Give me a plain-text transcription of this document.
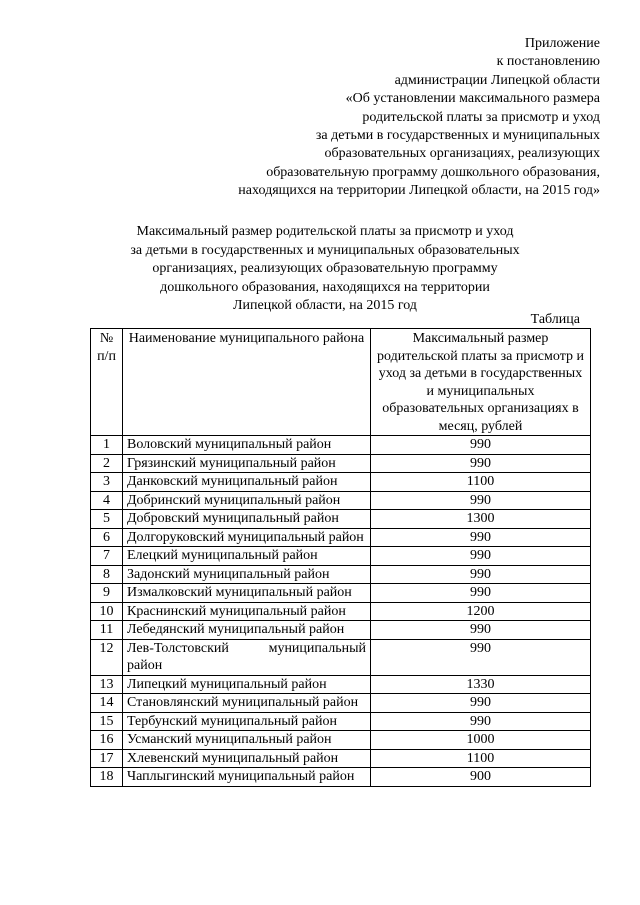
Приложение
к постановлению
администрации Липецкой области
«Об установлении максимального размера
родительской платы за присмотр и уход
за детьми в государственных и муниципальных
образовательных организациях, реализующих
образовательную программу дошкольного образования,
находящихся на территории Липецкой области, на 2015 год»
Максимальный размер родительской платы за присмотр и уход
за детьми в государственных и муниципальных образовательных
организациях, реализующих образовательную программу
дошкольного образования, находящихся на территории
Липецкой области, на 2015 год
Таблица
№ п/п	Наименование муниципального района	Максимальный размер родительской платы за присмотр и уход за детьми в государственных и муниципальных образовательных организациях в месяц, рублей
1	Воловский муниципальный район	990
2	Грязинский муниципальный район	990
3	Данковский муниципальный район	1100
4	Добринский муниципальный район	990
5	Добровский муниципальный район	1300
6	Долгоруковский муниципальный район	990
7	Елецкий муниципальный район	990
8	Задонский муниципальный район	990
9	Измалковский муниципальный район	990
10	Краснинский муниципальный район	1200
11	Лебедянский муниципальный район	990
12	Лев-Толстовский муниципальный район	990
13	Липецкий муниципальный район	1330
14	Становлянский муниципальный район	990
15	Тербунский муниципальный район	990
16	Усманский муниципальный район	1000
17	Хлевенский муниципальный район	1100
18	Чаплыгинский муниципальный район	900
